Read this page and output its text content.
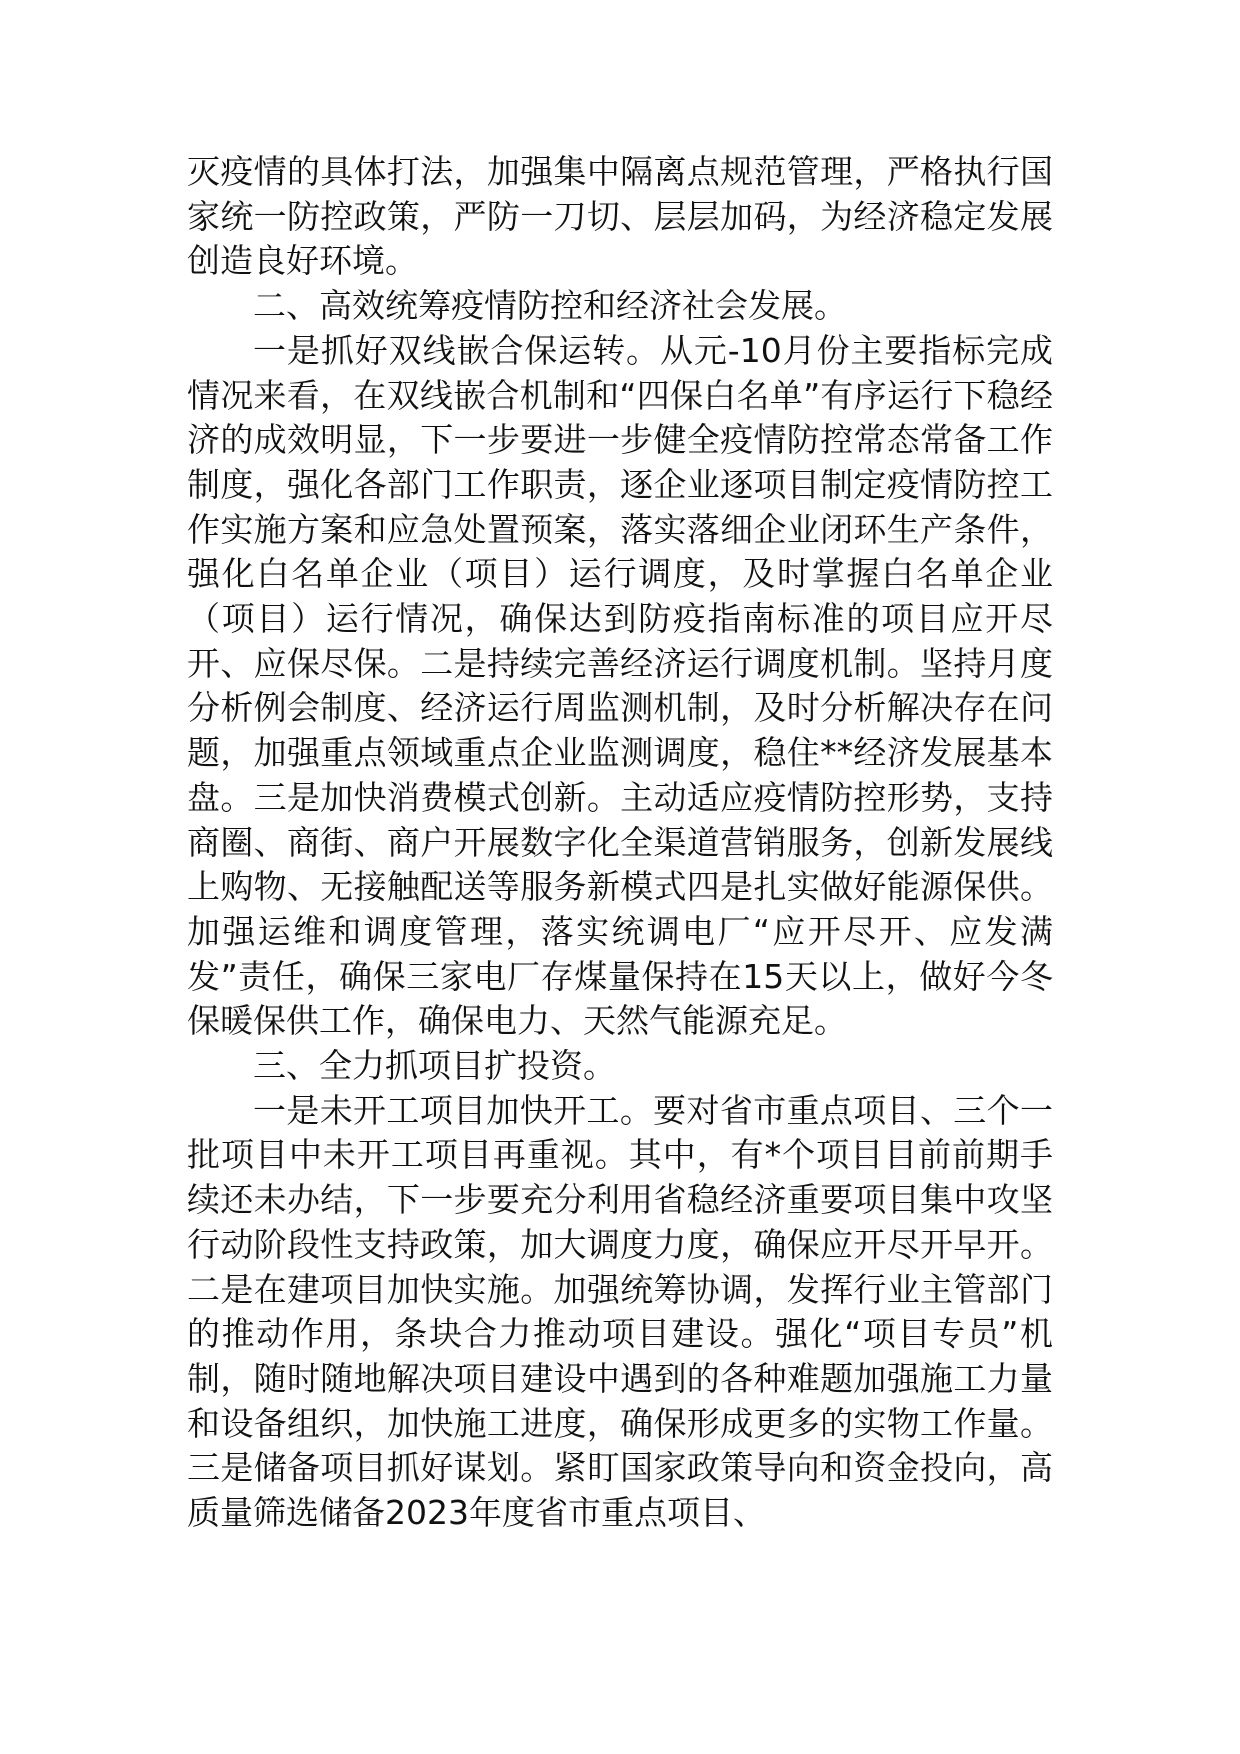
灭疫情的具体打法，加强集中隔离点规范管理，严格执行国家统一防控政策，严防一刀切、层层加码，为经济稳定发展创造良好环境。

二、高效统筹疫情防控和经济社会发展。

一是抓好双线嵌合保运转。从元-10月份主要指标完成情况来看，在双线嵌合机制和“四保白名单”有序运行下稳经济的成效明显，下一步要进一步健全疫情防控常态常备工作制度，强化各部门工作职责，逐企业逐项目制定疫情防控工作实施方案和应急处置预案，落实落细企业闭环生产条件，强化白名单企业（项目）运行调度，及时掌握白名单企业（项目）运行情况，确保达到防疫指南标准的项目应开尽开、应保尽保。二是持续完善经济运行调度机制。坚持月度分析例会制度、经济运行周监测机制，及时分析解决存在问题，加强重点领域重点企业监测调度，稳住**经济发展基本盘。三是加快消费模式创新。主动适应疫情防控形势，支持商圈、商街、商户开展数字化全渠道营销服务，创新发展线上购物、无接触配送等服务新模式四是扎实做好能源保供。加强运维和调度管理，落实统调电厂“应开尽开、应发满发”责任，确保三家电厂存煤量保持在15天以上，做好今冬保暖保供工作，确保电力、天然气能源充足。

三、全力抓项目扩投资。

一是未开工项目加快开工。要对省市重点项目、三个一批项目中未开工项目再重视。其中，有*个项目目前前期手续还未办结，下一步要充分利用省稳经济重要项目集中攻坚行动阶段性支持政策，加大调度力度，确保应开尽开早开。二是在建项目加快实施。加强统筹协调，发挥行业主管部门的推动作用，条块合力推动项目建设。强化“项目专员”机制，随时随地解决项目建设中遇到的各种难题加强施工力量和设备组织，加快施工进度，确保形成更多的实物工作量。三是储备项目抓好谋划。紧盯国家政策导向和资金投向，高质量筛选储备2023年度省市重点项目、
